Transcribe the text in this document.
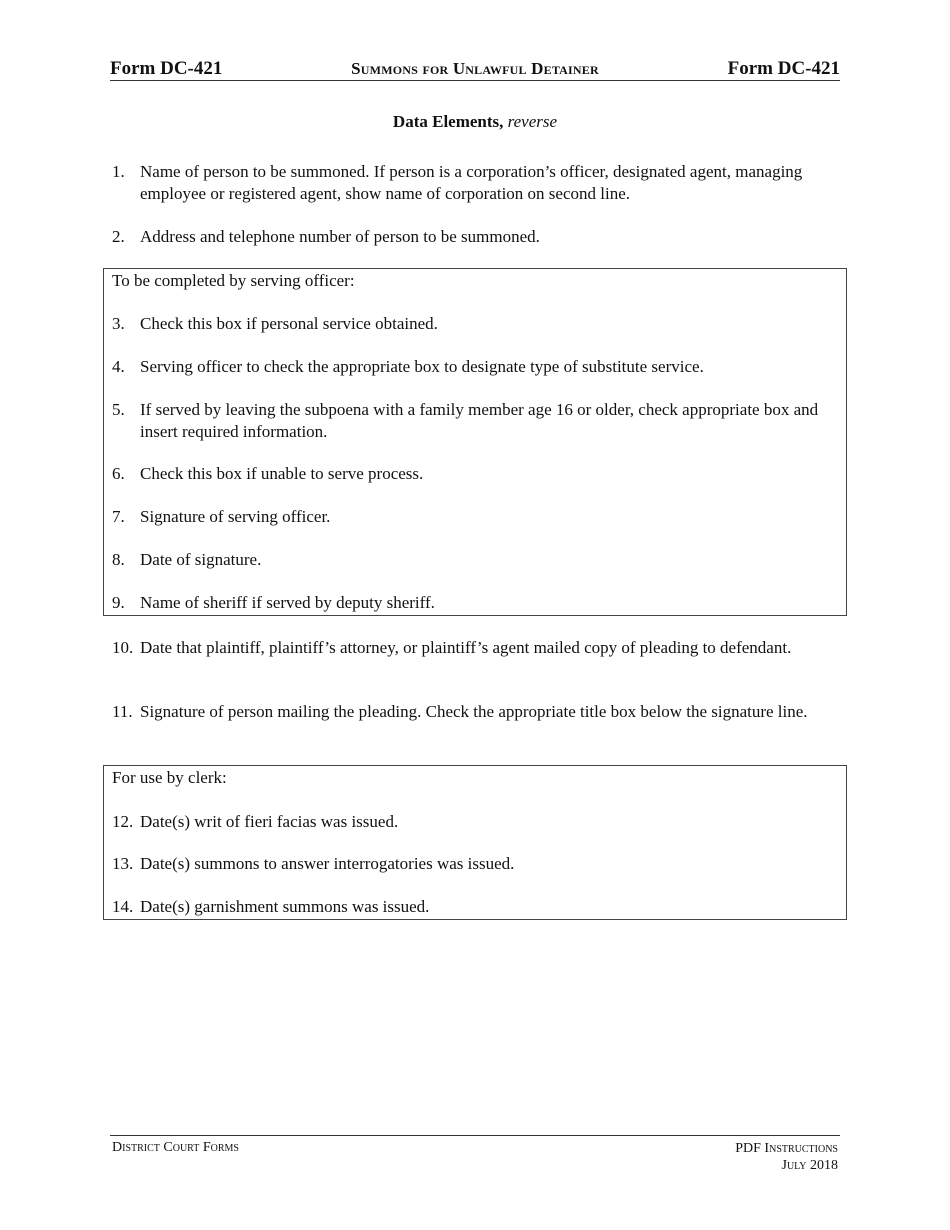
Form DC-421	Summons for Unlawful Detainer	Form DC-421
Data Elements, reverse
1. Name of person to be summoned. If person is a corporation’s officer, designated agent, managing employee or registered agent, show name of corporation on second line.
2. Address and telephone number of person to be summoned.
To be completed by serving officer:
3. Check this box if personal service obtained.
4. Serving officer to check the appropriate box to designate type of substitute service.
5. If served by leaving the subpoena with a family member age 16 or older, check appropriate box and insert required information.
6. Check this box if unable to serve process.
7. Signature of serving officer.
8. Date of signature.
9. Name of sheriff if served by deputy sheriff.
10. Date that plaintiff, plaintiff’s attorney, or plaintiff’s agent mailed copy of pleading to defendant.
11. Signature of person mailing the pleading. Check the appropriate title box below the signature line.
For use by clerk:
12. Date(s) writ of fieri facias was issued.
13. Date(s) summons to answer interrogatories was issued.
14. Date(s) garnishment summons was issued.
District Court Forms	PDF Instructions
July 2018
